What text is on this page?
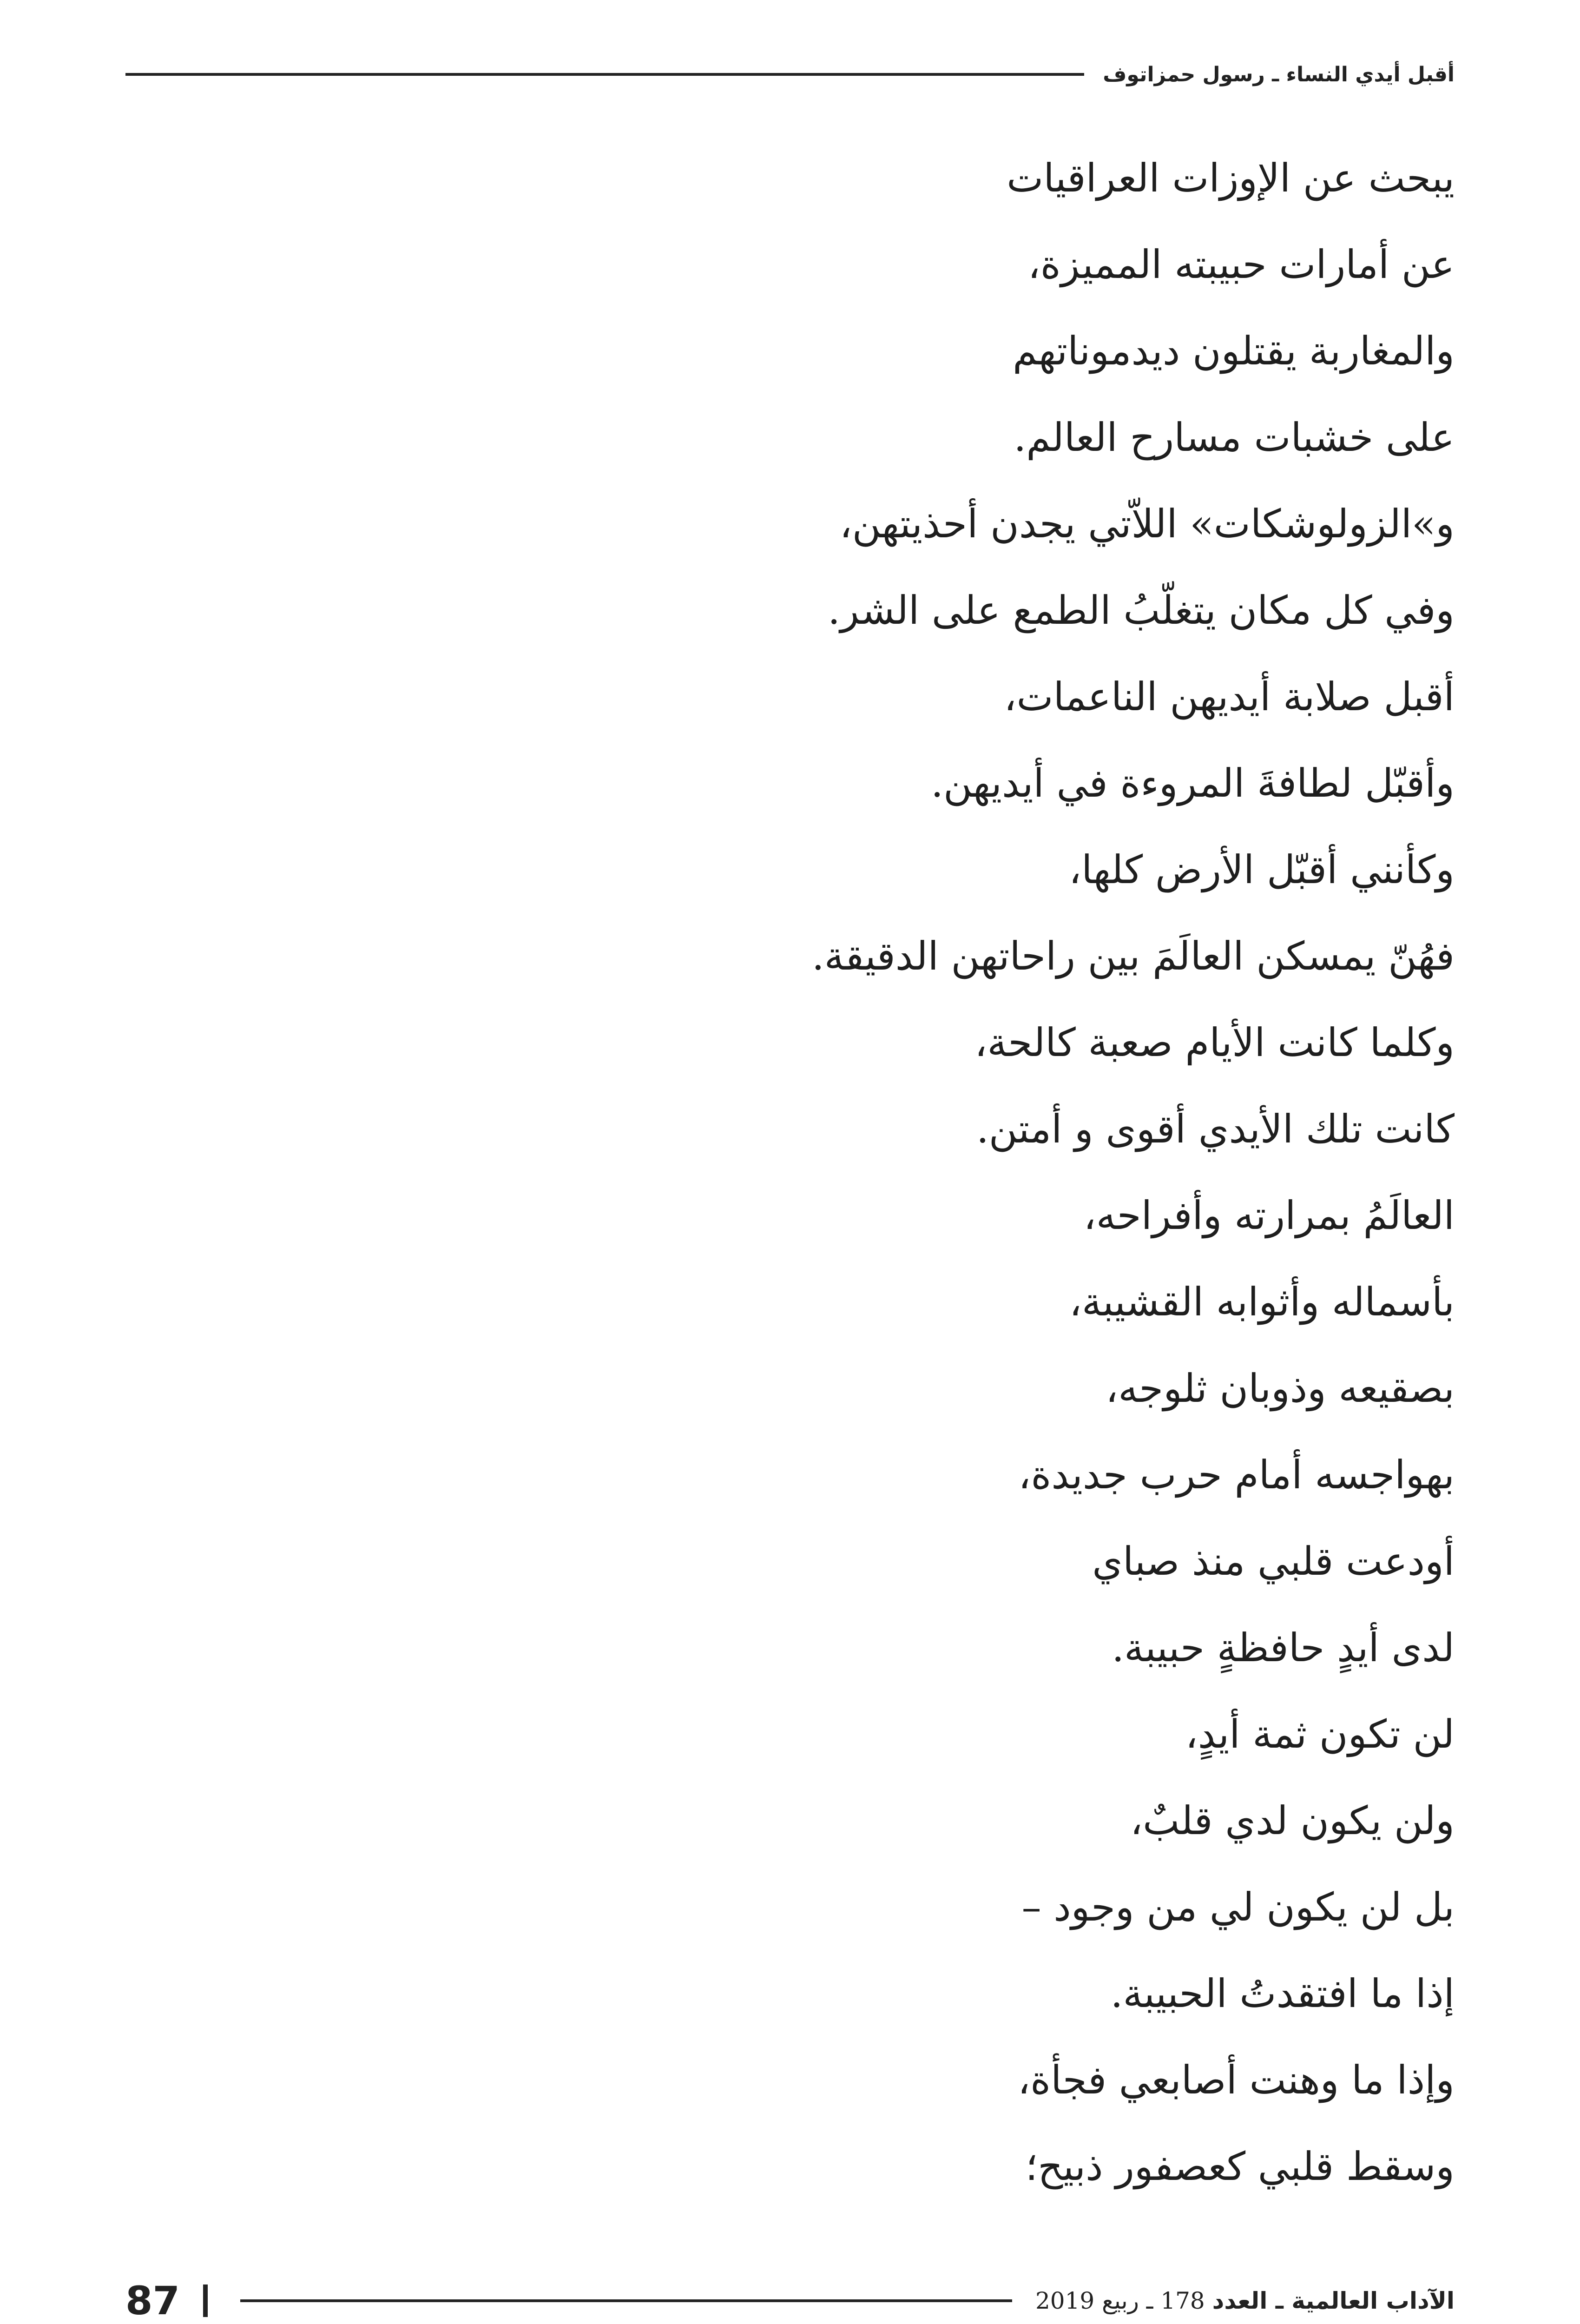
أقبل أيدي النساء ـ رسول حمزاتوف
يبحث عن الإوزات العراقيات
عن أمارات حبيبته المميزة،
والمغاربة يقتلون ديدموناتهم
على خشبات مسارح العالم.
و»الزولوشكات» اللاّتي يجدن أحذيتهن،
وفي كل مكان يتغلّبُ الطمع على الشر.
أقبل صلابة أيديهن الناعمات،
وأقبّل لطافةَ المروءة في أيديهن.
وكأنني أقبّل الأرض كلها،
فهُنّ يمسكن العالَمَ بين راحاتهن الدقيقة.
وكلما كانت الأيام صعبة كالحة،
كانت تلك الأيدي أقوى و أمتن.
العالَمُ بمرارته وأفراحه،
بأسماله وأثوابه القشيبة،
بصقيعه وذوبان ثلوجه،
بهواجسه أمام حرب جديدة،
أودعت قلبي منذ صباي
لدى أيدٍ حافظةٍ حبيبة.
لن تكون ثمة أيدٍ،
ولن يكون لدي قلبٌ،
بل لن يكون لي من وجود –
إذا ما افتقدتُ الحبيبة.
وإذا ما وهنت أصابعي فجأة،
وسقط قلبي كعصفور ذبيح؛
87	الآداب العالمية ـ العدد 178 ـ ربيع 2019
